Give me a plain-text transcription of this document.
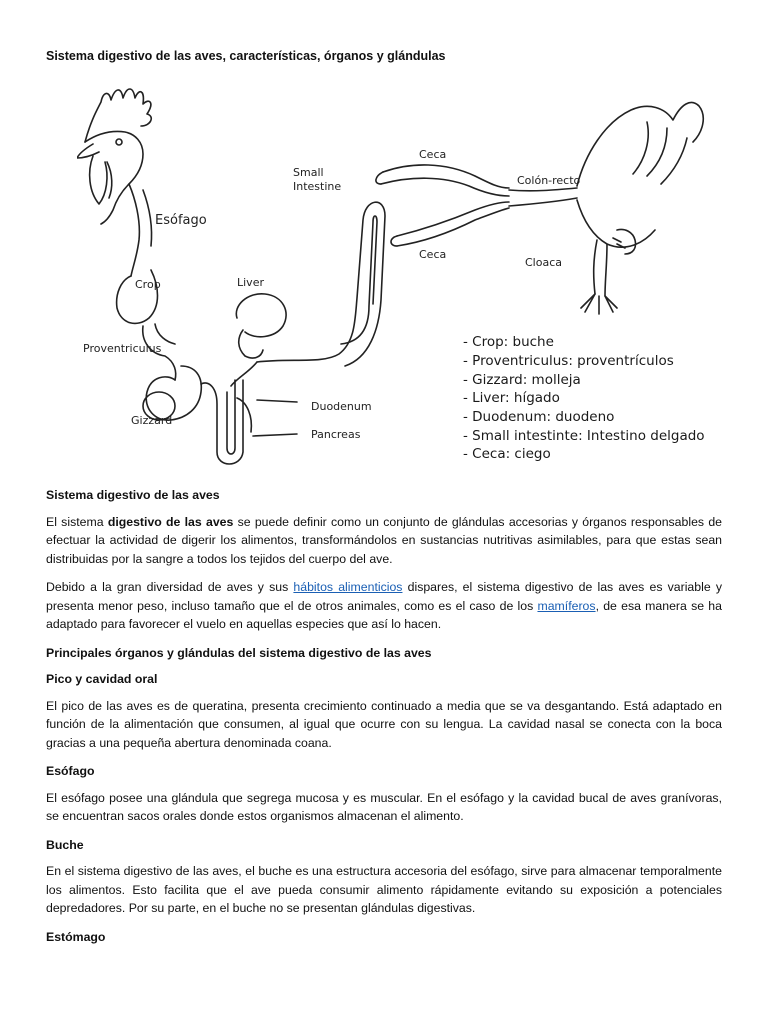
Sistema digestivo de las aves, características, órganos y glándulas
Esófago
Crop
Proventriculus
Gizzard
Liver
Small
Intestine
Duodenum
Pancreas
Ceca
Ceca
Colón-recto
Cloaca
- Crop: buche
- Proventriculus: proventrículos
- Gizzard: molleja
- Liver: hígado
- Duodenum: duodeno
- Small intestinte: Intestino delgado
- Ceca: ciego
Sistema digestivo de las aves

El sistema digestivo de las aves se puede definir como un conjunto de glándulas accesorias y órganos responsables de efectuar la actividad de digerir los alimentos, transformándolos en sustancias nutritivas asimilables, para que estas sean distribuidas por la sangre a todos los tejidos del cuerpo del ave.

Debido a la gran diversidad de aves y sus hábitos alimenticios dispares, el sistema digestivo de las aves es variable y presenta menor peso, incluso tamaño que el de otros animales, como es el caso de los mamíferos, de esa manera se ha adaptado para favorecer el vuelo en aquellas especies que así lo hacen.

Principales órganos y glándulas del sistema digestivo de las aves
Pico y cavidad oral

El pico de las aves es de queratina, presenta crecimiento continuado a media que se va desgantando. Está adaptado en función de la alimentación que consumen, al igual que ocurre con su lengua. La cavidad nasal se conecta con la boca gracias a una pequeña abertura denominada coana.

Esófago

El esófago posee una glándula que segrega mucosa y es muscular. En el esófago y la cavidad bucal de aves granívoras, se encuentran sacos orales donde estos organismos almacenan el alimento.

Buche

En el sistema digestivo de las aves, el buche es una estructura accesoria del esófago, sirve para almacenar temporalmente los alimentos. Esto facilita que el ave pueda consumir alimento rápidamente evitando su exposición a potenciales depredadores. Por su parte, en el buche no se presentan glándulas digestivas.

Estómago
